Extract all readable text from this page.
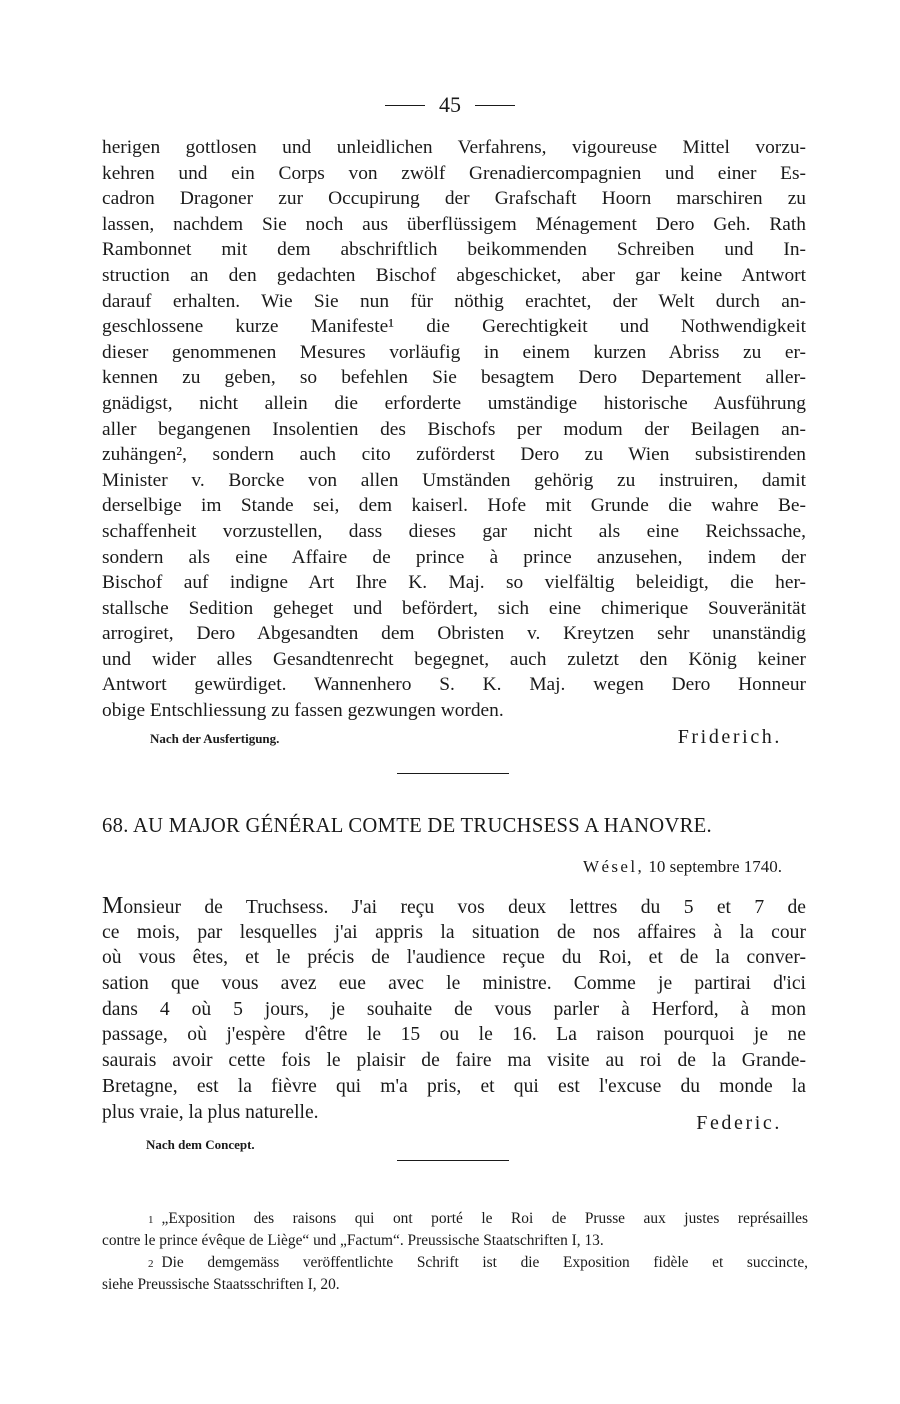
45
herigen gottlosen und unleidlichen Verfahrens, vigoureuse Mittel vorzu-
kehren und ein Corps von zwölf Grenadiercompagnien und einer Es-
cadron Dragoner zur Occupirung der Grafschaft Hoorn marschiren zu
lassen, nachdem Sie noch aus überflüssigem Ménagement Dero Geh. Rath
Rambonnet mit dem abschriftlich beikommenden Schreiben und In-
struction an den gedachten Bischof abgeschicket, aber gar keine Antwort
darauf erhalten. Wie Sie nun für nöthig erachtet, der Welt durch an-
geschlossene kurze Manifeste¹ die Gerechtigkeit und Nothwendigkeit
dieser genommenen Mesures vorläufig in einem kurzen Abriss zu er-
kennen zu geben, so befehlen Sie besagtem Dero Departement aller-
gnädigst, nicht allein die erforderte umständige historische Ausführung
aller begangenen Insolentien des Bischofs per modum der Beilagen an-
zuhängen², sondern auch cito zuförderst Dero zu Wien subsistirenden
Minister v. Borcke von allen Umständen gehörig zu instruiren, damit
derselbige im Stande sei, dem kaiserl. Hofe mit Grunde die wahre Be-
schaffenheit vorzustellen, dass dieses gar nicht als eine Reichssache,
sondern als eine Affaire de prince à prince anzusehen, indem der
Bischof auf indigne Art Ihre K. Maj. so vielfältig beleidigt, die her-
stallsche Sedition geheget und befördert, sich eine chimerique Souveränität
arrogiret, Dero Abgesandten dem Obristen v. Kreytzen sehr unanständig
und wider alles Gesandtenrecht begegnet, auch zuletzt den König keiner
Antwort gewürdiget. Wannenhero S. K. Maj. wegen Dero Honneur
obige Entschliessung zu fassen gezwungen worden.
Nach der Ausfertigung.	Friderich.
68. AU MAJOR GÉNÉRAL COMTE DE TRUCHSESS A HANOVRE.
Wésel, 10 septembre 1740.
Monsieur de Truchsess. J'ai reçu vos deux lettres du 5 et 7 de
ce mois, par lesquelles j'ai appris la situation de nos affaires à la cour
où vous êtes, et le précis de l'audience reçue du Roi, et de la conver-
sation que vous avez eue avec le ministre. Comme je partirai d'ici
dans 4 où 5 jours, je souhaite de vous parler à Herford, à mon
passage, où j'espère d'être le 15 ou le 16. La raison pourquoi je ne
saurais avoir cette fois le plaisir de faire ma visite au roi de la Grande-
Bretagne, est la fièvre qui m'a pris, et qui est l'excuse du monde la
plus vraie, la plus naturelle.	Federic.
Nach dem Concept.
1 „Exposition des raisons qui ont porté le Roi de Prusse aux justes représailles
contre le prince évêque de Liège“ und „Factum“. Preussische Staatschriften I, 13.
2 Die demgemäss veröffentlichte Schrift ist die Exposition fidèle et succincte,
siehe Preussische Staatsschriften I, 20.
